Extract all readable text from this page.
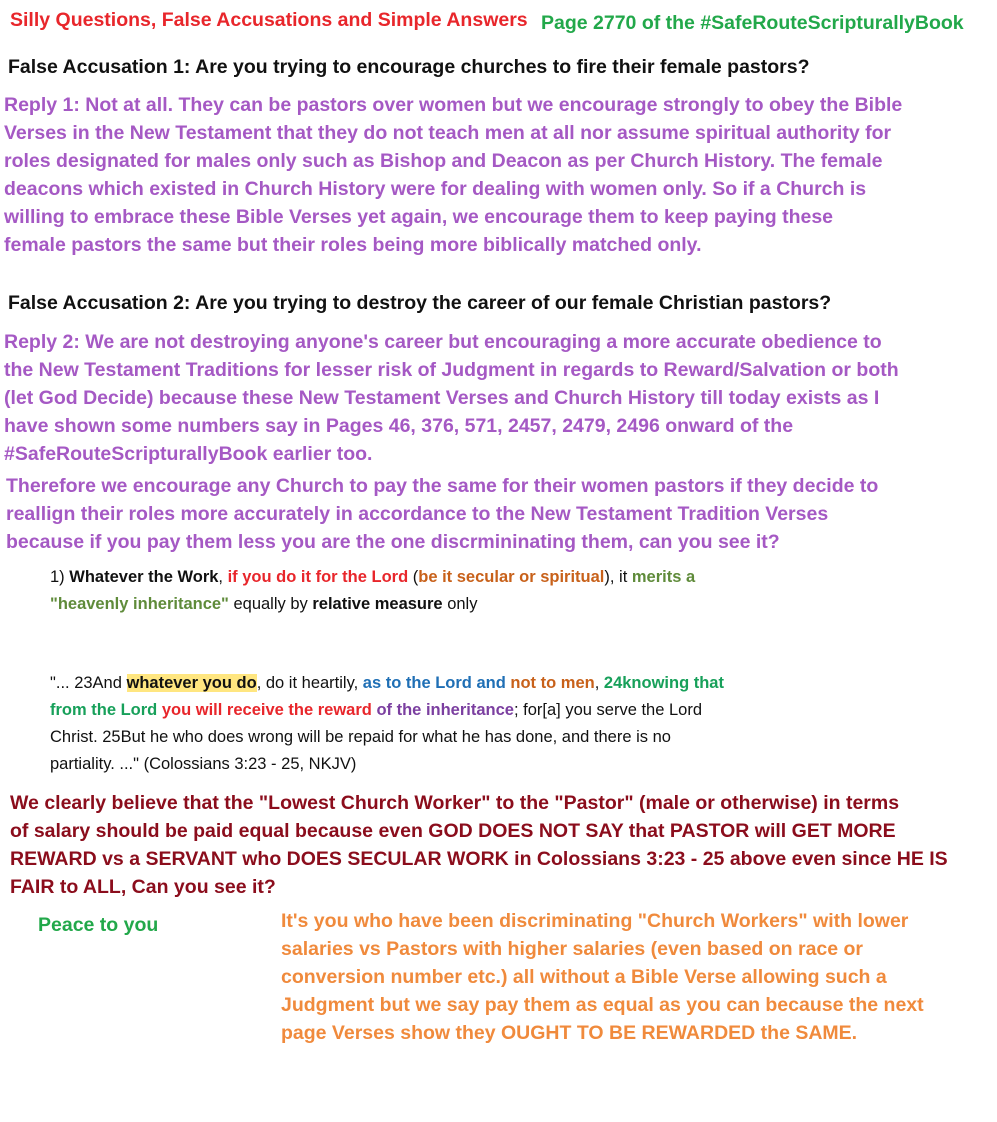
Silly Questions, False Accusations and Simple Answers Page 2770 of the #SafeRouteScripturallyBook
False Accusation 1: Are you trying to encourage churches to fire their female pastors?
Reply 1: Not at all. They can be pastors over women but we encourage strongly to obey the Bible
Verses in the New Testament that they do not teach men at all nor assume spiritual authority for
roles designated for males only such as Bishop and Deacon as per Church History. The female
deacons which existed in Church History were for dealing with women only. So if a Church is
willing to embrace these Bible Verses yet again, we encourage them to keep paying these
female pastors the same but their roles being more biblically matched only.
False Accusation 2: Are you trying to destroy the career of our female Christian pastors?
Reply 2: We are not destroying anyone's career but encouraging a more accurate obedience to
the New Testament Traditions for lesser risk of Judgment in regards to Reward/Salvation or both
(let God Decide) because these New Testament Verses and Church History till today exists as I
have shown some numbers say in Pages 46, 376, 571, 2457, 2479, 2496 onward of the
#SafeRouteScripturallyBook earlier too.
Therefore we encourage any Church to pay the same for their women pastors if they decide to
reallign their roles more accurately in accordance to the New Testament Tradition Verses
because if you pay them less you are the one discrmininating them, can you see it?
1) Whatever the Work, if you do it for the Lord (be it secular or spiritual), it merits a
"heavenly inheritance" equally by relative measure only
"... 23And whatever you do, do it heartily, as to the Lord and not to men, 24knowing that
from the Lord you will receive the reward of the inheritance; for[a] you serve the Lord
Christ. 25But he who does wrong will be repaid for what he has done, and there is no
partiality. ..." (Colossians 3:23 - 25, NKJV)
We clearly believe that the "Lowest Church Worker" to the "Pastor" (male or otherwise) in terms
of salary should be paid equal because even GOD DOES NOT SAY that PASTOR will GET MORE
REWARD vs a SERVANT who DOES SECULAR WORK in Colossians 3:23 - 25 above even since HE IS
FAIR to ALL, Can you see it?
Peace to you	It's you who have been discriminating "Church Workers" with lower
salaries vs Pastors with higher salaries (even based on race or
conversion number etc.) all without a Bible Verse allowing such a
Judgment but we say pay them as equal as you can because the next
page Verses show they OUGHT TO BE REWARDED the SAME.
